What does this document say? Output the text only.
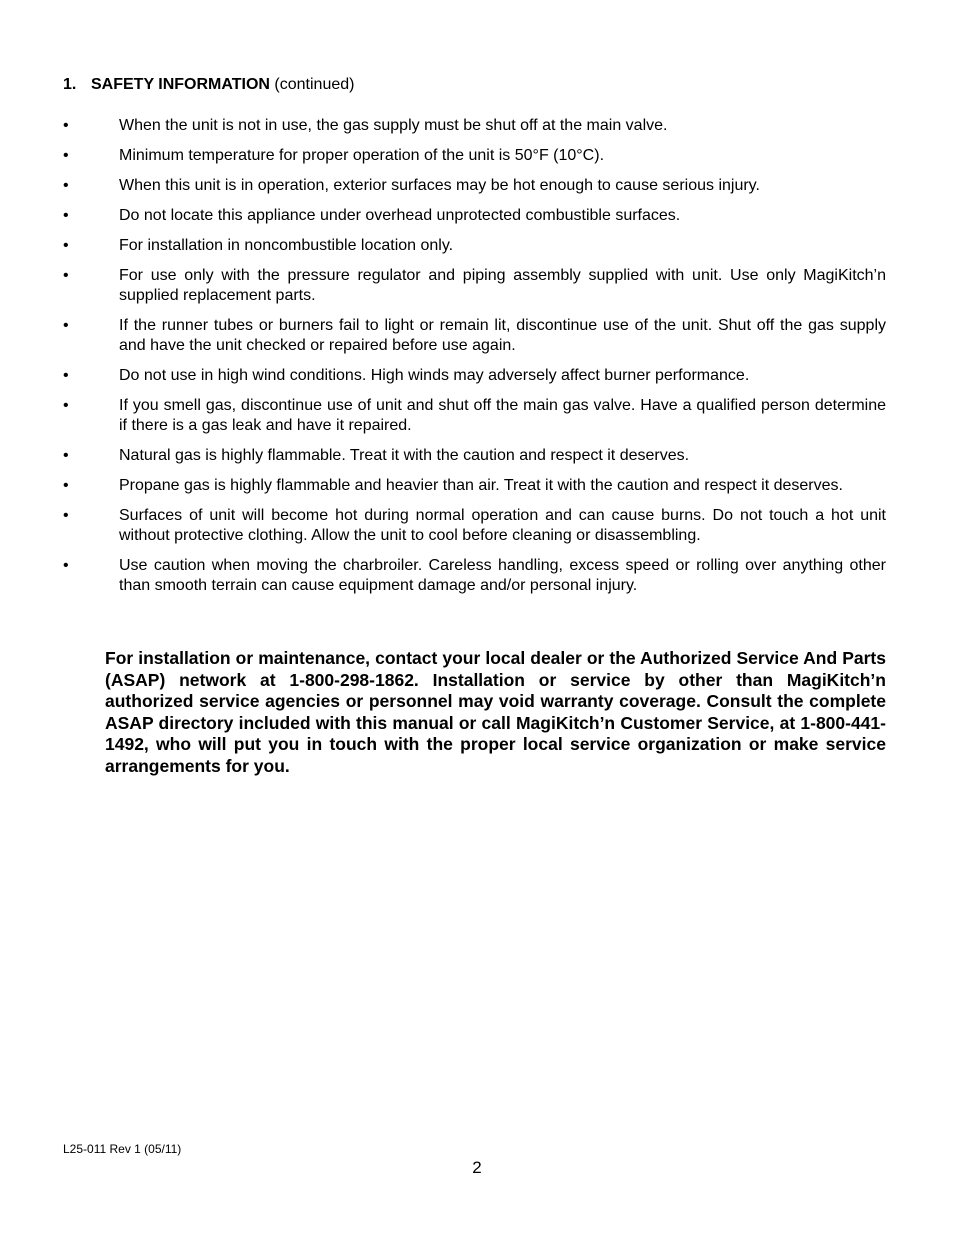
1. SAFETY INFORMATION (continued)
•	When the unit is not in use, the gas supply must be shut off at the main valve.
•	Minimum temperature for proper operation of the unit is 50°F (10°C).
•	When this unit is in operation, exterior surfaces may be hot enough to cause serious injury.
•	Do not locate this appliance under overhead unprotected combustible surfaces.
•	For installation in noncombustible location only.
•	For use only with the pressure regulator and piping assembly supplied with unit. Use only MagiKitch’n supplied replacement parts.
•	If the runner tubes or burners fail to light or remain lit, discontinue use of the unit. Shut off the gas supply and have the unit checked or repaired before use again.
•	Do not use in high wind conditions. High winds may adversely affect burner performance.
•	If you smell gas, discontinue use of unit and shut off the main gas valve. Have a qualified person determine if there is a gas leak and have it repaired.
•	Natural gas is highly flammable. Treat it with the caution and respect it deserves.
•	Propane gas is highly flammable and heavier than air. Treat it with the caution and respect it deserves.
•	Surfaces of unit will become hot during normal operation and can cause burns. Do not touch a hot unit without protective clothing. Allow the unit to cool before cleaning or disassembling.
•	Use caution when moving the charbroiler. Careless handling, excess speed or rolling over anything other than smooth terrain can cause equipment damage and/or personal injury.

For installation or maintenance, contact your local dealer or the Authorized Service And Parts (ASAP) network at 1-800-298-1862. Installation or service by other than MagiKitch’n authorized service agencies or personnel may void warranty coverage. Consult the complete ASAP directory included with this manual or call MagiKitch’n Customer Service, at 1-800-441-1492, who will put you in touch with the proper local service organization or make service arrangements for you.

L25-011 Rev 1 (05/11)
2
